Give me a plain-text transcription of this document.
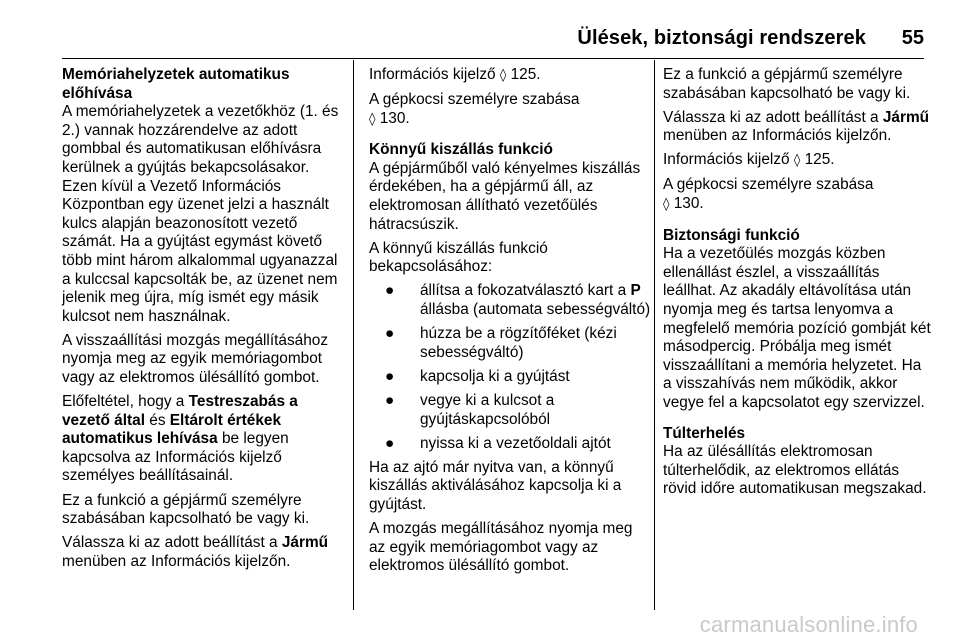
Ülések, biztonsági rendszerek 55
Memóriahelyzetek automatikus előhívása

A memóriahelyzetek a vezetőkhöz (1. és 2.) vannak hozzárendelve az adott gombbal és automatikusan előhívásra kerülnek a gyújtás bekapcsolásakor. Ezen kívül a Vezető Információs Központban egy üzenet jelzi a használt kulcs alapján beazonosított vezető számát. Ha a gyújtást egymást követő több mint három alkalommal ugyanazzal a kulccsal kapcsolták be, az üzenet nem jelenik meg újra, míg ismét egy másik kulcsot nem használnak.

A visszaállítási mozgás megállításához nyomja meg az egyik memóriagombot vagy az elektromos ülésállító gombot.

Előfeltétel, hogy a Testreszabás a vezető által és Eltárolt értékek automatikus lehívása be legyen kapcsolva az Információs kijelző személyes beállításainál.

Ez a funkció a gépjármű személyre szabásában kapcsolható be vagy ki.

Válassza ki az adott beállítást a Jármű menüben az Információs kijelzőn.

Információs kijelző ◊ 125.

A gépkocsi személyre szabása
◊ 130.

Könnyű kiszállás funkció

A gépjárműből való kényelmes kiszállás érdekében, ha a gépjármű áll, az elektromosan állítható vezetőülés hátracsúszik.

A könnyű kiszállás funkció bekapcsolásához:

● állítsa a fokozatválasztó kart a P állásba (automata sebességváltó)
● húzza be a rögzítőféket (kézi sebességváltó)
● kapcsolja ki a gyújtást
● vegye ki a kulcsot a gyújtáskapcsolóból
● nyissa ki a vezetőoldali ajtót

Ha az ajtó már nyitva van, a könnyű kiszállás aktiválásához kapcsolja ki a gyújtást.

A mozgás megállításához nyomja meg az egyik memóriagombot vagy az elektromos ülésállító gombot.

Ez a funkció a gépjármű személyre szabásában kapcsolható be vagy ki.

Válassza ki az adott beállítást a Jármű menüben az Információs kijelzőn.

Információs kijelző ◊ 125.

A gépkocsi személyre szabása
◊ 130.

Biztonsági funkció

Ha a vezetőülés mozgás közben ellenállást észlel, a visszaállítás leállhat. Az akadály eltávolítása után nyomja meg és tartsa lenyomva a megfelelő memória pozíció gombját két másodpercig. Próbálja meg ismét visszaállítani a memória helyzetet. Ha a visszahívás nem működik, akkor vegye fel a kapcsolatot egy szervizzel.

Túlterhelés

Ha az ülésállítás elektromosan túlterhelődik, az elektromos ellátás rövid időre automatikusan megszakad.

carmanualsonline.info
